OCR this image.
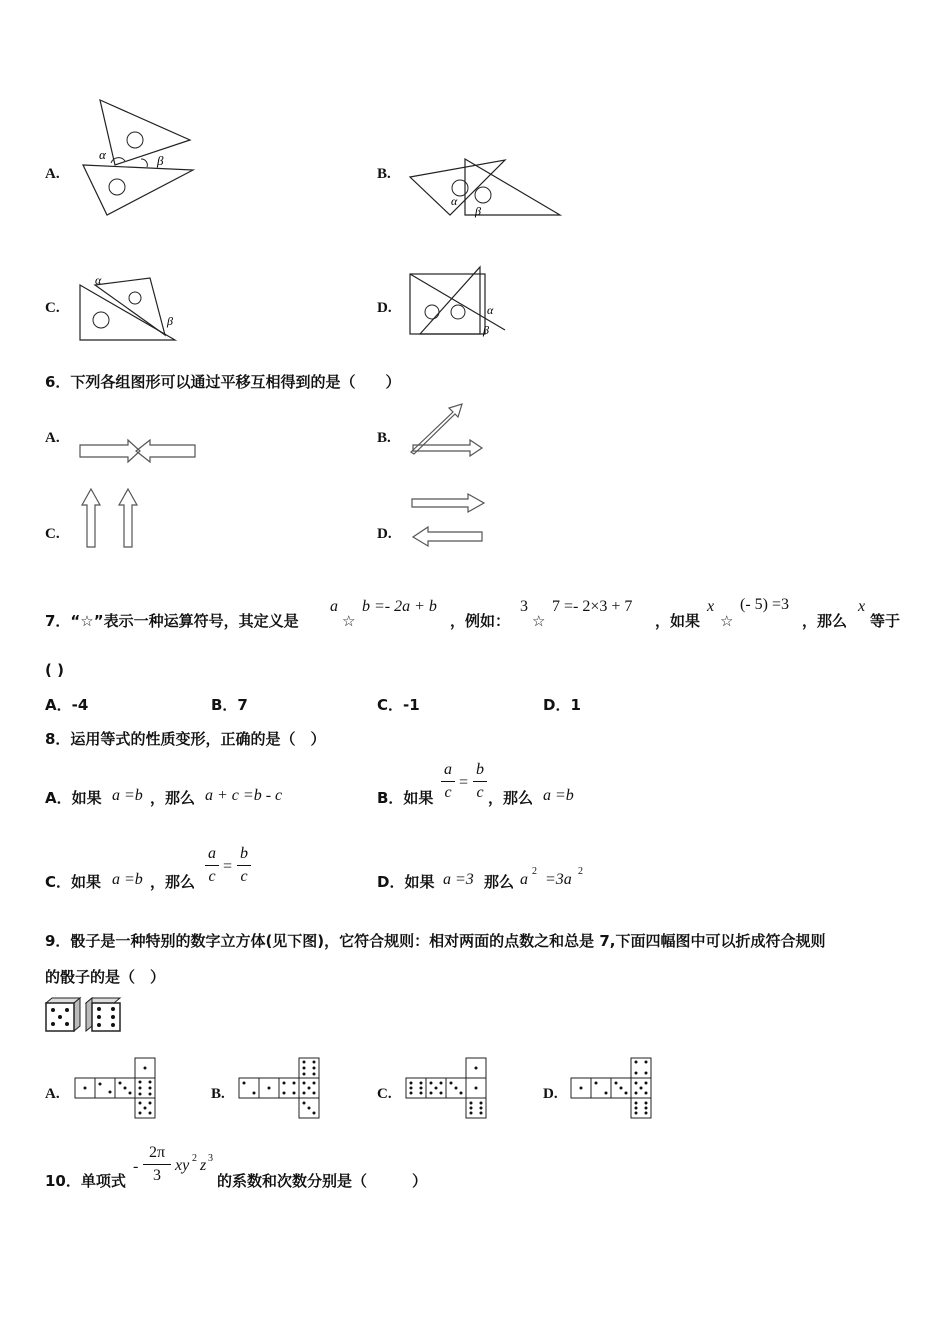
A.
α	β
B.
α
β
C.
α
β
D.	α
β
6．下列各组图形可以通过平移互相得到的是（　　）
A.	B.
C.	D.
7．“☆”表示一种运算符号，其定义是
a
☆
b =- 2a + b
，例如：
3
☆
7 =- 2×3 + 7
，如果
x
☆
(- 5) =3
，那么
x
等于
( )
A．-4	B．7	C．-1	D．1
8．运用等式的性质变形，正确的是（　）
A．如果 a =b ，那么 a + c =b - c	B．如果
a
c
=
b
c ，那么 a =b
C．如果 a =b ，那么
a
c
=
b
c	D．如果 a =3 那么 a 2 =3a 2
9．骰子是一种特别的数字立方体(见下图)，它符合规则：相对两面的点数之和总是 7,下面四幅图中可以折成符合规则
的骰子的是（　）
A.	B.	C.	D.
10．单项式
-
2π
3
xy 2 z 3
的系数和次数分别是（　　　）
